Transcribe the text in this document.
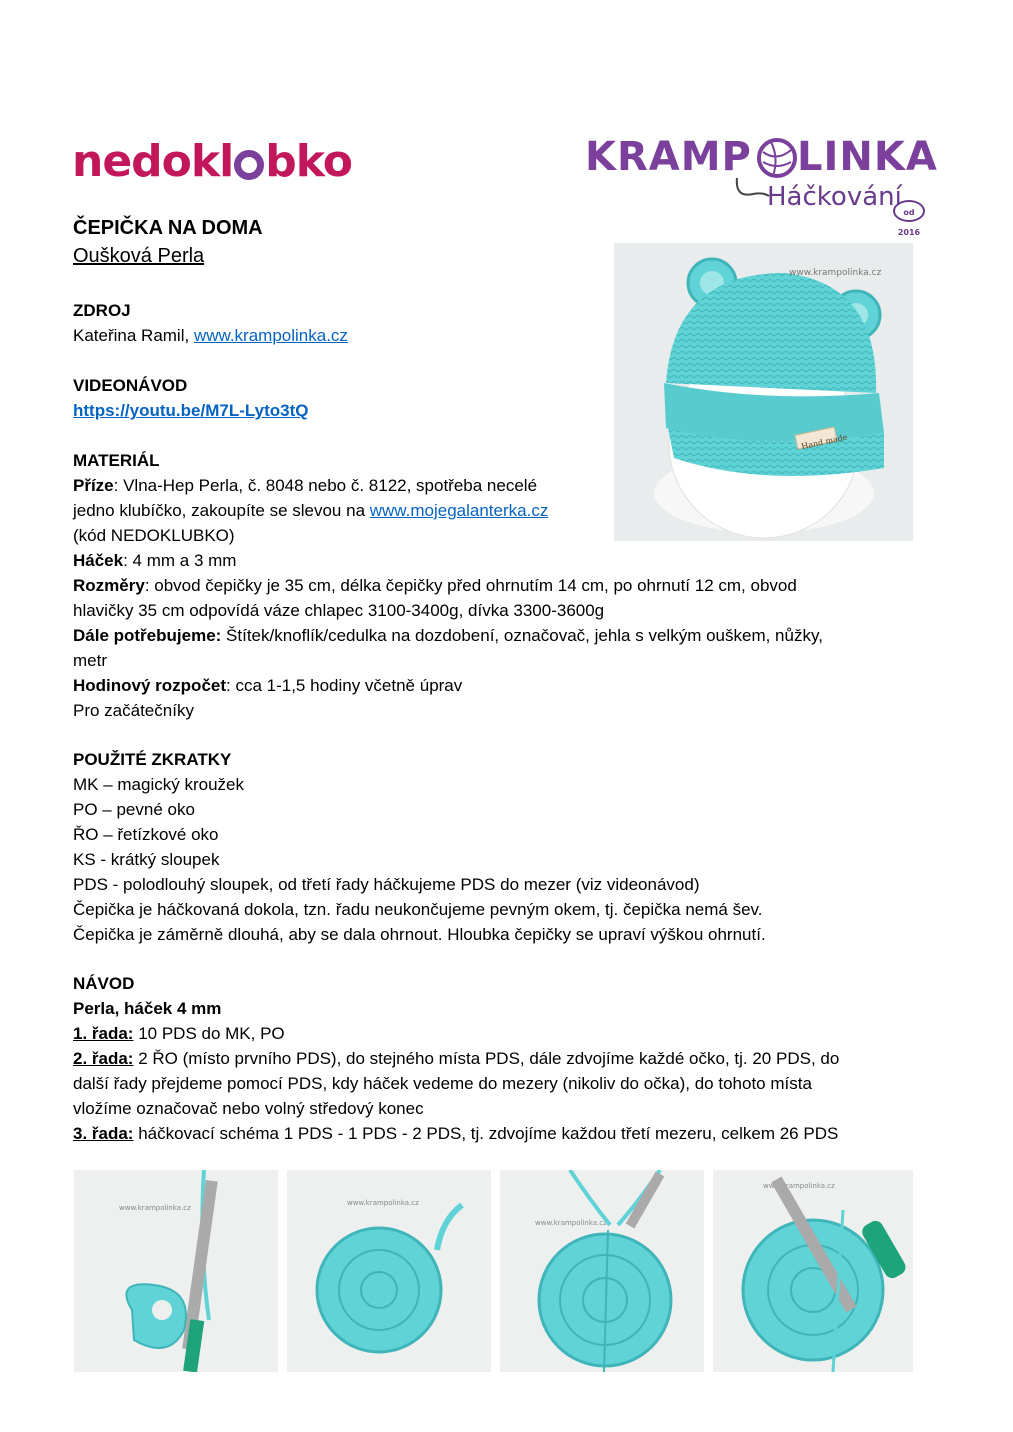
nedokl bko	KRAMP LINKA
Háčkování
od 2016
ČEPIČKA NA DOMA
Oušková Perla
ZDROJ
Kateřina Ramil, www.krampolinka.cz
VIDEONÁVOD
https://youtu.be/M7L-Lyto3tQ
MATERIÁL
Příze: Vlna-Hep Perla, č. 8048 nebo č. 8122, spotřeba necelé
jedno klubíčko, zakoupíte se slevou na www.mojegalanterka.cz
(kód NEDOKLUBKO)
Háček: 4 mm a 3 mm
Rozměry: obvod čepičky je 35 cm, délka čepičky před ohrnutím 14 cm, po ohrnutí 12 cm, obvod
hlavičky 35 cm odpovídá váze chlapec 3100-3400g, dívka 3300-3600g
Dále potřebujeme: Štítek/knoflík/cedulka na dozdobení, označovač, jehla s velkým ouškem, nůžky,
metr
Hodinový rozpočet: cca 1-1,5 hodiny včetně úprav
Pro začátečníky
POUŽITÉ ZKRATKY
MK – magický kroužek
PO – pevné oko
ŘO – řetízkové oko
KS - krátký sloupek
PDS - polodlouhý sloupek, od třetí řady háčkujeme PDS do mezer (viz videonávod)
Čepička je háčkovaná dokola, tzn. řadu neukončujeme pevným okem, tj. čepička nemá šev.
Čepička je záměrně dlouhá, aby se dala ohrnout. Hloubka čepičky se upraví výškou ohrnutí.
NÁVOD
Perla, háček 4 mm
1. řada: 10 PDS do MK, PO
2. řada: 2 ŘO (místo prvního PDS), do stejného místa PDS, dále zdvojíme každé očko, tj. 20 PDS, do
další řady přejdeme pomocí PDS, kdy háček vedeme do mezery (nikoliv do očka), do tohoto místa
vložíme označovač nebo volný středový konec
3. řada: háčkovací schéma 1 PDS - 1 PDS - 2 PDS, tj. zdvojíme každou třetí mezeru, celkem 26 PDS
Hand made
www.krampolinka.cz
www.krampolinka.cz
www.krampolinka.cz
www.krampolinka.cz
www.krampolinka.cz
